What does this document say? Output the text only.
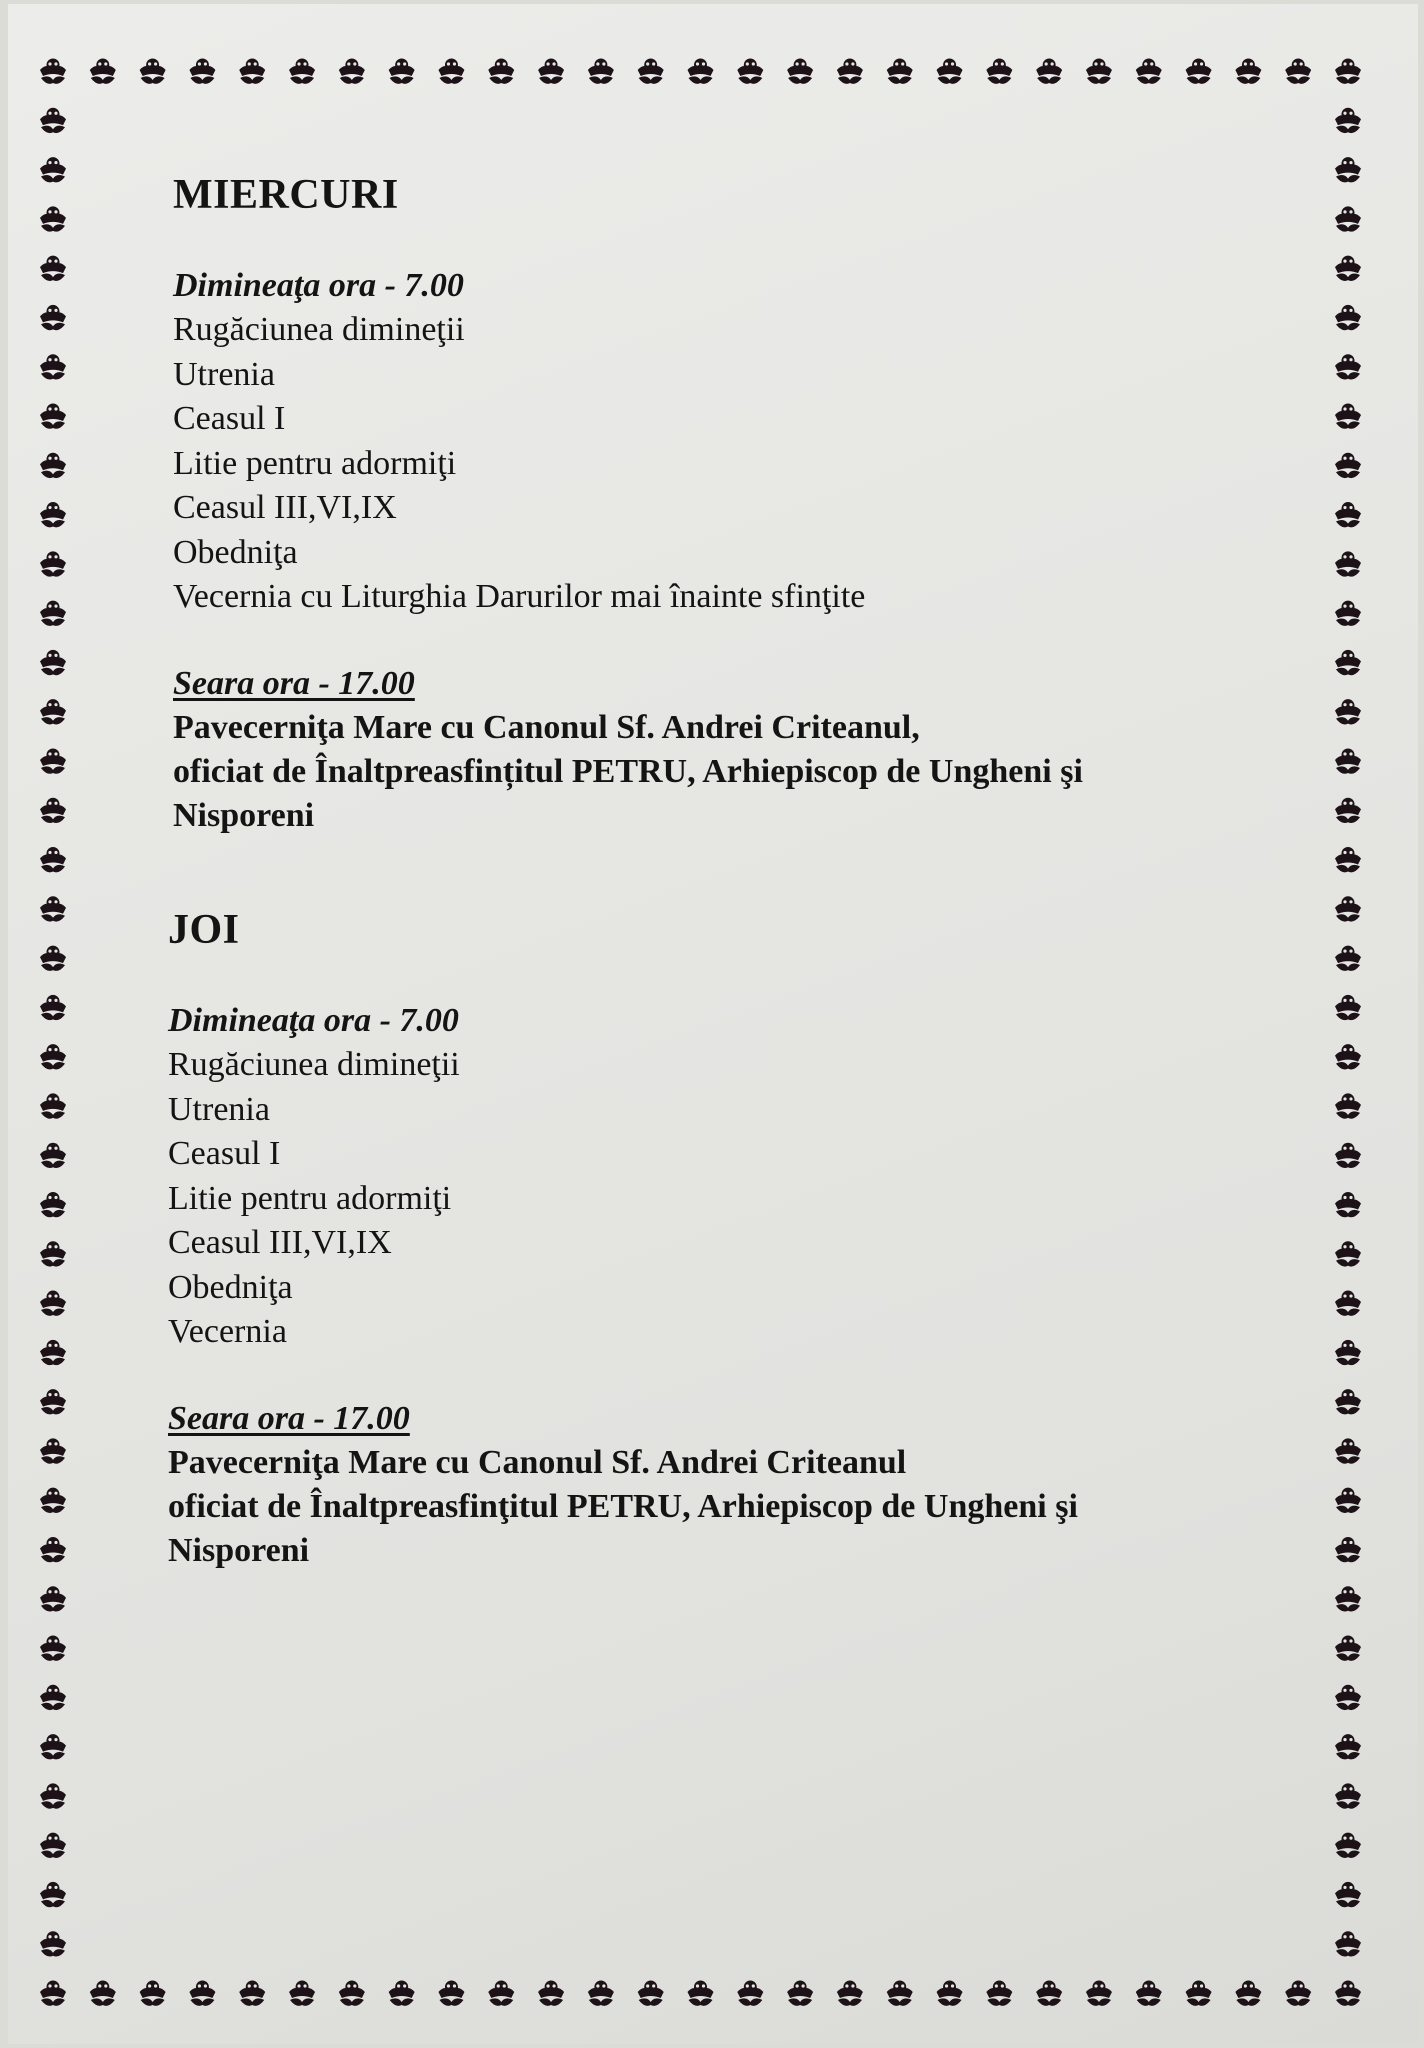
MIERCURI

Dimineaţa ora - 7.00

Rugăciunea dimineţii
Utrenia
Ceasul I
Litie pentru adormiţi
Ceasul III,VI,IX
Obedniţa
Vecernia cu Liturghia Darurilor mai înainte sfinţite

Seara ora - 17.00

Pavecerniţa Mare cu Canonul Sf. Andrei Criteanul,
oficiat de Înaltpreasfințitul PETRU, Arhiepiscop de Ungheni şi
Nisporeni
JOI

Dimineaţa ora - 7.00

Rugăciunea dimineţii
Utrenia
Ceasul I
Litie pentru adormiţi
Ceasul III,VI,IX
Obedniţa
Vecernia

Seara ora - 17.00

Pavecerniţa Mare cu Canonul Sf. Andrei Criteanul
oficiat de Înaltpreasfinţitul PETRU, Arhiepiscop de Ungheni şi
Nisporeni
